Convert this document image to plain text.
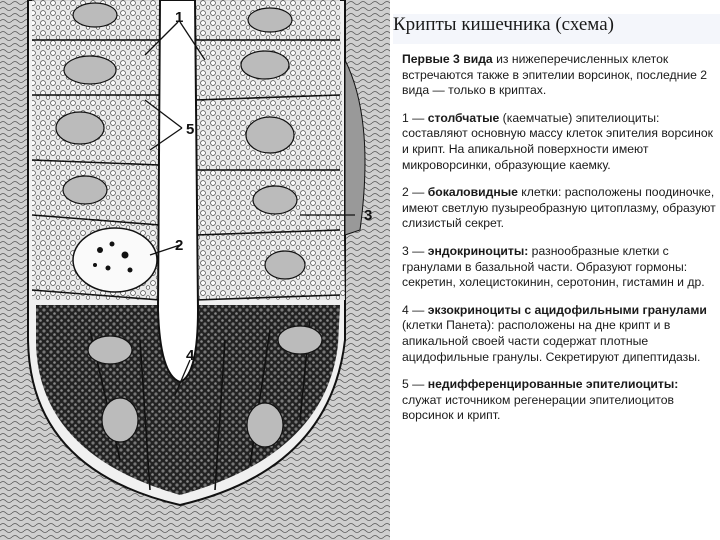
1
2
3
4
5
Крипты кишечника (схема)

Первые 3 вида из нижеперечисленных клеток встречаются также в эпителии ворсинок, последние 2 вида — только в криптах.

1 — столбчатые (каемчатые) эпителиоциты: составляют основную массу клеток эпителия ворсинок и крипт. На апикальной поверхности имеют микроворсинки, образующие каемку.

2 — бокаловидные клетки: расположены поодиночке, имеют светлую пузыреобразную цитоплазму, образуют слизистый секрет.

3 — эндокриноциты: разнообразные клетки с гранулами в базальной части. Образуют гормоны: секретин, холецистокинин, серотонин, гистамин и др.

4 — экзокриноциты с ацидофильными гранулами (клетки Панета): расположены на дне крипт и в апикальной своей части содержат плотные ацидофильные гранулы. Секретируют дипептидазы.

5 — недифференцированные эпителиоциты: служат источником регенерации эпителиоцитов ворсинок и крипт.
